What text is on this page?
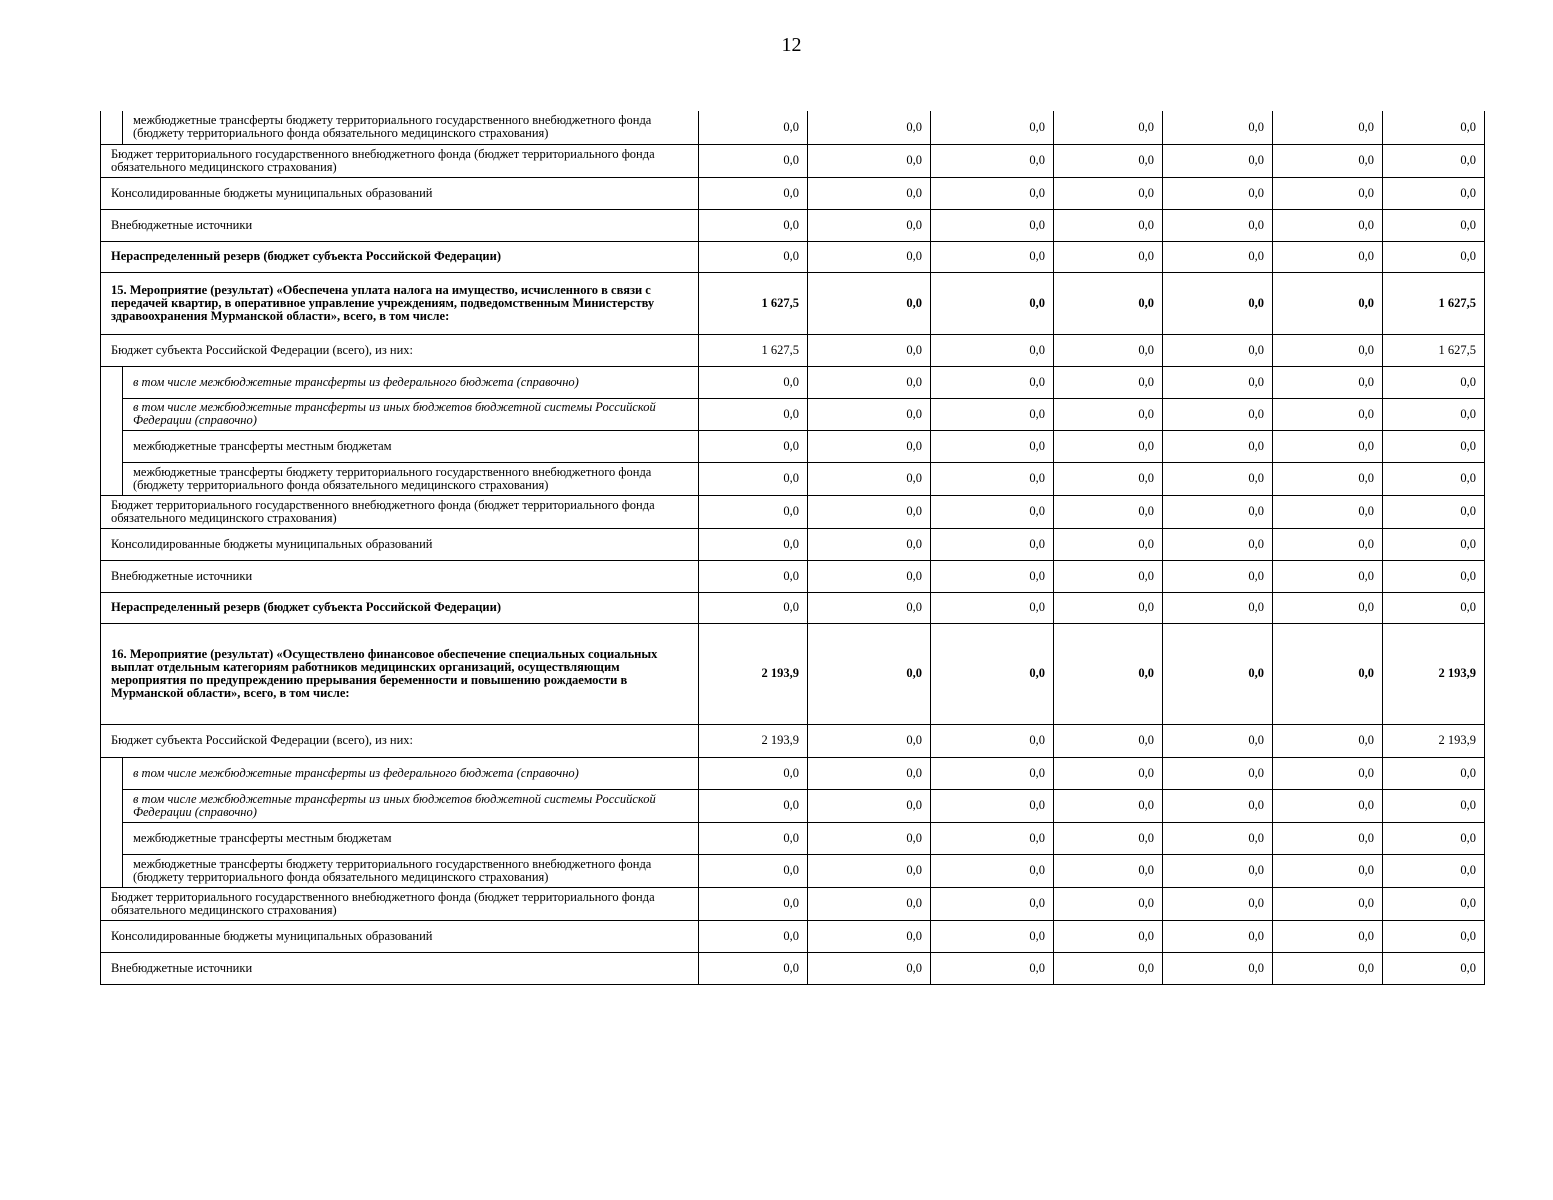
12
	межбюджетные трансферты бюджету территориального государственного внебюджетного фонда (бюджету территориального фонда обязательного медицинского страхования)	0,0	0,0	0,0	0,0	0,0	0,0	0,0
Бюджет территориального государственного внебюджетного фонда (бюджет территориального фонда обязательного медицинского страхования)		0,0	0,0	0,0	0,0	0,0	0,0	0,0
Консолидированные бюджеты муниципальных образований		0,0	0,0	0,0	0,0	0,0	0,0	0,0
Внебюджетные источники		0,0	0,0	0,0	0,0	0,0	0,0	0,0
Нераспределенный резерв (бюджет субъекта Российской Федерации)		0,0	0,0	0,0	0,0	0,0	0,0	0,0
15. Мероприятие (результат) «Обеспечена уплата налога на имущество, исчисленного в связи с передачей квартир, в оперативное управление учреждениям, подведомственным Министерству здравоохранения Мурманской области», всего, в том числе:		1 627,5	0,0	0,0	0,0	0,0	0,0	1 627,5
Бюджет субъекта Российской Федерации (всего), из них:		1 627,5	0,0	0,0	0,0	0,0	0,0	1 627,5
	в том числе межбюджетные трансферты из федерального бюджета (справочно)	0,0	0,0	0,0	0,0	0,0	0,0	0,0
	в том числе межбюджетные трансферты из иных бюджетов бюджетной системы Российской Федерации (справочно)	0,0	0,0	0,0	0,0	0,0	0,0	0,0
	межбюджетные трансферты местным бюджетам	0,0	0,0	0,0	0,0	0,0	0,0	0,0
	межбюджетные трансферты бюджету территориального государственного внебюджетного фонда (бюджету территориального фонда обязательного медицинского страхования)	0,0	0,0	0,0	0,0	0,0	0,0	0,0
Бюджет территориального государственного внебюджетного фонда (бюджет территориального фонда обязательного медицинского страхования)		0,0	0,0	0,0	0,0	0,0	0,0	0,0
Консолидированные бюджеты муниципальных образований		0,0	0,0	0,0	0,0	0,0	0,0	0,0
Внебюджетные источники		0,0	0,0	0,0	0,0	0,0	0,0	0,0
Нераспределенный резерв (бюджет субъекта Российской Федерации)		0,0	0,0	0,0	0,0	0,0	0,0	0,0
16. Мероприятие (результат) «Осуществлено финансовое обеспечение специальных социальных выплат отдельным категориям работников медицинских организаций, осуществляющим мероприятия по предупреждению прерывания беременности и повышению рождаемости в Мурманской области», всего, в том числе:		2 193,9	0,0	0,0	0,0	0,0	0,0	2 193,9
Бюджет субъекта Российской Федерации (всего), из них:		2 193,9	0,0	0,0	0,0	0,0	0,0	2 193,9
	в том числе межбюджетные трансферты из федерального бюджета (справочно)	0,0	0,0	0,0	0,0	0,0	0,0	0,0
	в том числе межбюджетные трансферты из иных бюджетов бюджетной системы Российской Федерации (справочно)	0,0	0,0	0,0	0,0	0,0	0,0	0,0
	межбюджетные трансферты местным бюджетам	0,0	0,0	0,0	0,0	0,0	0,0	0,0
	межбюджетные трансферты бюджету территориального государственного внебюджетного фонда (бюджету территориального фонда обязательного медицинского страхования)	0,0	0,0	0,0	0,0	0,0	0,0	0,0
Бюджет территориального государственного внебюджетного фонда (бюджет территориального фонда обязательного медицинского страхования)		0,0	0,0	0,0	0,0	0,0	0,0	0,0
Консолидированные бюджеты муниципальных образований		0,0	0,0	0,0	0,0	0,0	0,0	0,0
Внебюджетные источники		0,0	0,0	0,0	0,0	0,0	0,0	0,0
